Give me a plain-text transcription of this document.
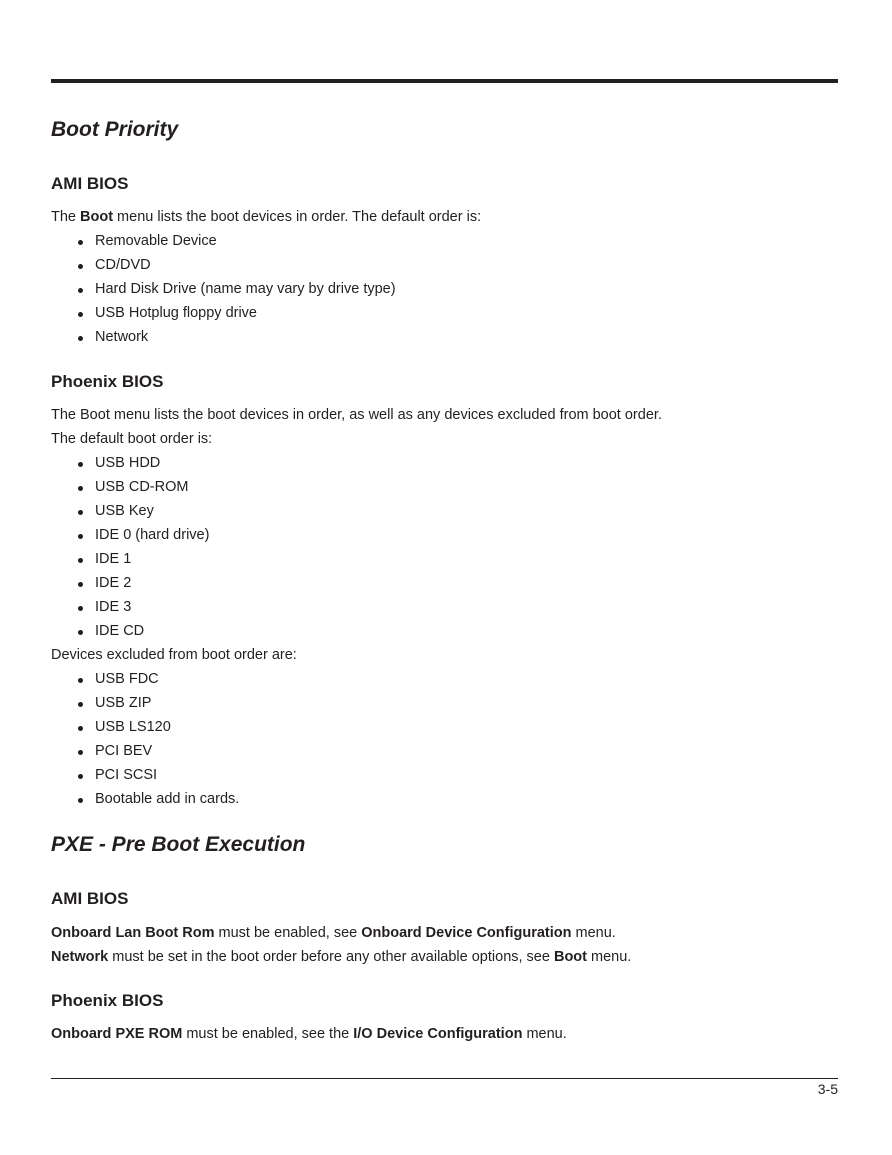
Boot Priority
AMI BIOS

The Boot menu lists the boot devices in order. The default order is:

Removable Device
CD/DVD
Hard Disk Drive (name may vary by drive type)
USB Hotplug floppy drive
Network
Phoenix BIOS

The Boot menu lists the boot devices in order, as well as any devices excluded from boot order.

The default boot order is:

USB HDD
USB CD-ROM
USB Key
IDE 0 (hard drive)
IDE 1
IDE 2
IDE 3
IDE CD

Devices excluded from boot order are:

USB FDC
USB ZIP
USB LS120
PCI BEV
PCI SCSI
Bootable add in cards.
PXE - Pre Boot Execution
AMI BIOS

Onboard Lan Boot Rom must be enabled, see Onboard Device Configuration menu.

Network must be set in the boot order before any other available options, see Boot menu.

Phoenix BIOS

Onboard PXE ROM must be enabled, see the I/O Device Configuration menu.

3-5
